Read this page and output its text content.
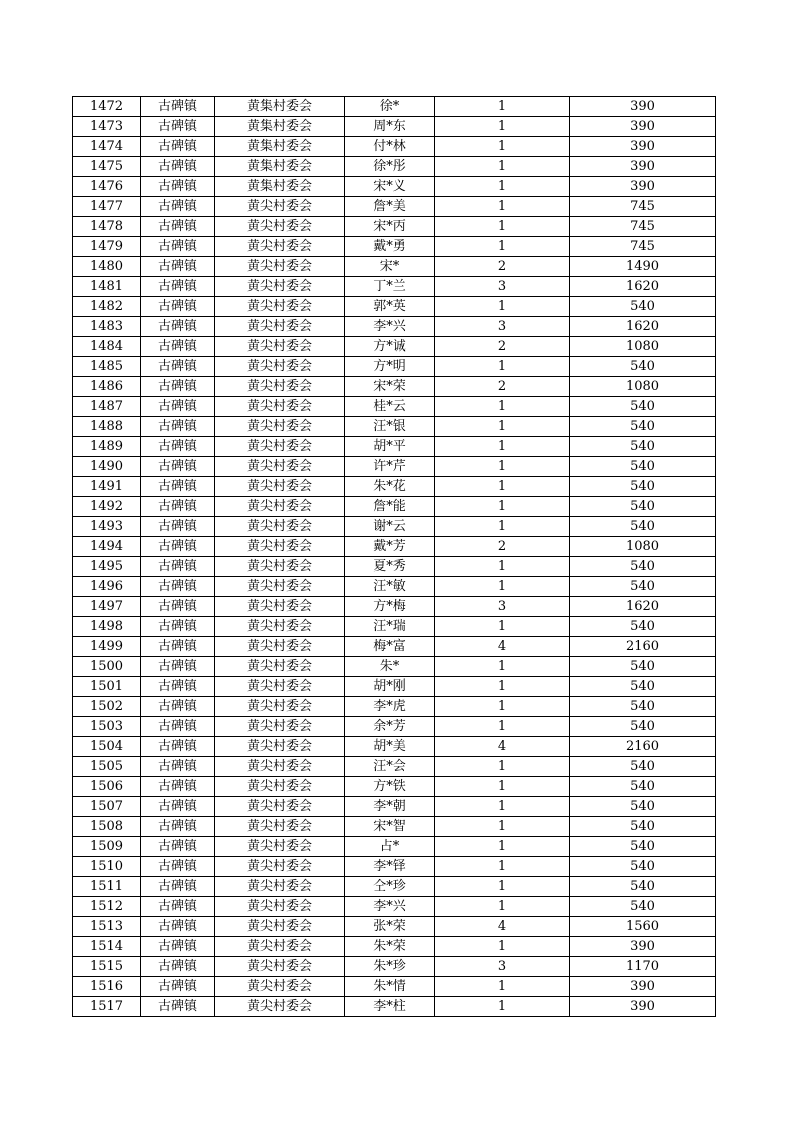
1472	古碑镇	黄集村委会	徐*	1	390
1473	古碑镇	黄集村委会	周*东	1	390
1474	古碑镇	黄集村委会	付*林	1	390
1475	古碑镇	黄集村委会	徐*彤	1	390
1476	古碑镇	黄集村委会	宋*义	1	390
1477	古碑镇	黄尖村委会	詹*美	1	745
1478	古碑镇	黄尖村委会	宋*丙	1	745
1479	古碑镇	黄尖村委会	戴*勇	1	745
1480	古碑镇	黄尖村委会	宋*	2	1490
1481	古碑镇	黄尖村委会	丁*兰	3	1620
1482	古碑镇	黄尖村委会	郭*英	1	540
1483	古碑镇	黄尖村委会	李*兴	3	1620
1484	古碑镇	黄尖村委会	方*诚	2	1080
1485	古碑镇	黄尖村委会	方*明	1	540
1486	古碑镇	黄尖村委会	宋*荣	2	1080
1487	古碑镇	黄尖村委会	桂*云	1	540
1488	古碑镇	黄尖村委会	汪*银	1	540
1489	古碑镇	黄尖村委会	胡*平	1	540
1490	古碑镇	黄尖村委会	许*芹	1	540
1491	古碑镇	黄尖村委会	朱*花	1	540
1492	古碑镇	黄尖村委会	詹*能	1	540
1493	古碑镇	黄尖村委会	谢*云	1	540
1494	古碑镇	黄尖村委会	戴*芳	2	1080
1495	古碑镇	黄尖村委会	夏*秀	1	540
1496	古碑镇	黄尖村委会	汪*敏	1	540
1497	古碑镇	黄尖村委会	方*梅	3	1620
1498	古碑镇	黄尖村委会	汪*瑞	1	540
1499	古碑镇	黄尖村委会	梅*富	4	2160
1500	古碑镇	黄尖村委会	朱*	1	540
1501	古碑镇	黄尖村委会	胡*刚	1	540
1502	古碑镇	黄尖村委会	李*虎	1	540
1503	古碑镇	黄尖村委会	余*芳	1	540
1504	古碑镇	黄尖村委会	胡*美	4	2160
1505	古碑镇	黄尖村委会	汪*会	1	540
1506	古碑镇	黄尖村委会	方*铁	1	540
1507	古碑镇	黄尖村委会	李*朝	1	540
1508	古碑镇	黄尖村委会	宋*智	1	540
1509	古碑镇	黄尖村委会	占*	1	540
1510	古碑镇	黄尖村委会	李*铎	1	540
1511	古碑镇	黄尖村委会	仝*珍	1	540
1512	古碑镇	黄尖村委会	李*兴	1	540
1513	古碑镇	黄尖村委会	张*荣	4	1560
1514	古碑镇	黄尖村委会	朱*荣	1	390
1515	古碑镇	黄尖村委会	朱*珍	3	1170
1516	古碑镇	黄尖村委会	朱*情	1	390
1517	古碑镇	黄尖村委会	李*柱	1	390
